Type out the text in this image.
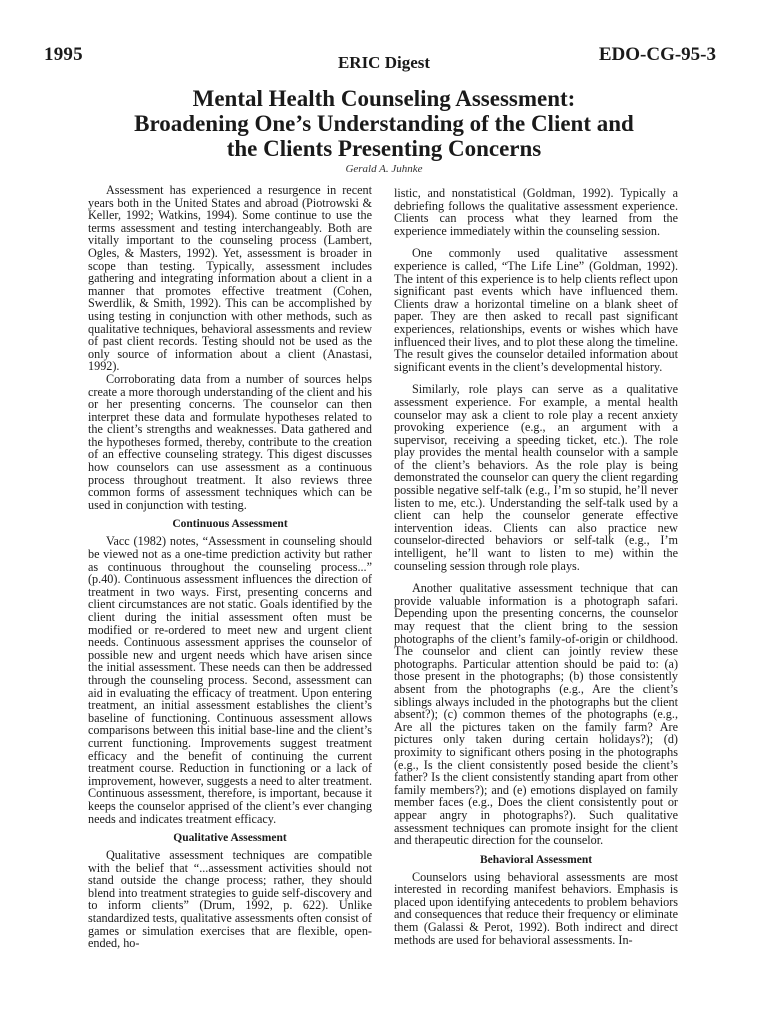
1995	ERIC Digest	EDO-CG-95-3
Mental Health Counseling Assessment:
Broadening One’s Understanding of the Client and
the Clients Presenting Concerns
Gerald A. Juhnke

Assessment has experienced a resurgence in recent years both in the United States and abroad (Piotrowski & Keller, 1992; Watkins, 1994). Some continue to use the terms assessment and testing interchangeably. Both are vitally important to the counseling process (Lambert, Ogles, & Masters, 1992). Yet, assessment is broader in scope than testing. Typically, assessment includes gathering and integrating information about a client in a manner that promotes effective treatment (Cohen, Swerdlik, & Smith, 1992). This can be accomplished by using testing in conjunction with other methods, such as qualitative techniques, behavioral assessments and review of past client records. Testing should not be used as the only source of information about a client (Anastasi, 1992).

Corroborating data from a number of sources helps create a more thorough understanding of the client and his or her presenting concerns. The counselor can then interpret these data and formulate hypotheses related to the client’s strengths and weaknesses. Data gathered and the hypotheses formed, thereby, contribute to the creation of an effective counseling strategy. This digest discusses how counselors can use assessment as a continuous process throughout treatment. It also reviews three common forms of assessment techniques which can be used in conjunction with testing.

Continuous Assessment

Vacc (1982) notes, “Assessment in counseling should be viewed not as a one-time prediction activity but rather as continuous throughout the counseling process...” (p.40). Continuous assessment influences the direction of treatment in two ways. First, presenting concerns and client circumstances are not static. Goals identified by the client during the initial assessment often must be modified or re-ordered to meet new and urgent client needs. Continuous assessment apprises the counselor of possible new and urgent needs which have arisen since the initial assessment. These needs can then be addressed through the counseling process. Second, assessment can aid in evaluating the efficacy of treatment. Upon entering treatment, an initial assessment establishes the client’s baseline of functioning. Continuous assessment allows comparisons between this initial base-line and the client’s current functioning. Improvements suggest treatment efficacy and the benefit of continuing the current treatment course. Reduction in functioning or a lack of improvement, however, suggests a need to alter treatment. Continuous assessment, therefore, is important, because it keeps the counselor apprised of the client’s ever changing needs and indicates treatment efficacy.

Qualitative Assessment

Qualitative assessment techniques are compatible with the belief that “...assessment activities should not stand outside the change process; rather, they should blend into treatment strategies to guide self-discovery and to inform clients” (Drum, 1992, p. 622). Unlike standardized tests, qualitative assessments often consist of games or simulation exercises that are flexible, open-ended, ho-

listic, and nonstatistical (Goldman, 1992). Typically a debriefing follows the qualitative assessment experience. Clients can process what they learned from the experience immediately within the counseling session.

One commonly used qualitative assessment experience is called, “The Life Line” (Goldman, 1992). The intent of this experience is to help clients reflect upon significant past events which have influenced them. Clients draw a horizontal timeline on a blank sheet of paper. They are then asked to recall past significant experiences, relationships, events or wishes which have influenced their lives, and to plot these along the timeline. The result gives the counselor detailed information about significant events in the client’s developmental history.

Similarly, role plays can serve as a qualitative assessment experience. For example, a mental health counselor may ask a client to role play a recent anxiety provoking experience (e.g., an argument with a supervisor, receiving a speeding ticket, etc.). The role play provides the mental health counselor with a sample of the client’s behaviors. As the role play is being demonstrated the counselor can query the client regarding possible negative self-talk (e.g., I’m so stupid, he’ll never listen to me, etc.). Understanding the self-talk used by a client can help the counselor generate effective intervention ideas. Clients can also practice new counselor-directed behaviors or self-talk (e.g., I’m intelligent, he’ll want to listen to me) within the counseling session through role plays.

Another qualitative assessment technique that can provide valuable information is a photograph safari. Depending upon the presenting concerns, the counselor may request that the client bring to the session photographs of the client’s family-of-origin or childhood. The counselor and client can jointly review these photographs. Particular attention should be paid to: (a) those present in the photographs; (b) those consistently absent from the photographs (e.g., Are the client’s siblings always included in the photographs but the client absent?); (c) common themes of the photographs (e.g., Are all the pictures taken on the family farm? Are pictures only taken during certain holidays?); (d) proximity to significant others posing in the photographs (e.g., Is the client consistently posed beside the client’s father? Is the client consistently standing apart from other family members?); and (e) emotions displayed on family member faces (e.g., Does the client consistently pout or appear angry in photographs?). Such qualitative assessment techniques can promote insight for the client and therapeutic direction for the counselor.

Behavioral Assessment

Counselors using behavioral assessments are most interested in recording manifest behaviors. Emphasis is placed upon identifying antecedents to problem behaviors and consequences that reduce their frequency or eliminate them (Galassi & Perot, 1992). Both indirect and direct methods are used for behavioral assessments. In-
